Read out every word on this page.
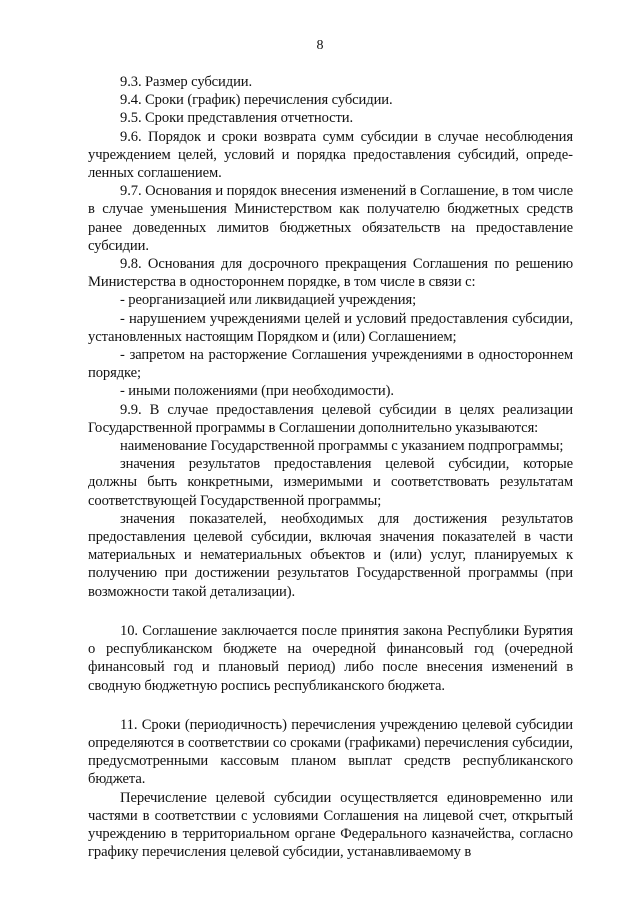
8

9.3. Размер субсидии.

9.4. Сроки (график) перечисления субсидии.

9.5. Сроки представления отчетности.

9.6. Порядок и сроки возврата сумм субсидии в случае несоблюдения учреждением целей, условий и порядка предоставления субсидий, определенных соглашением.

9.7. Основания и порядок внесения изменений в Соглашение, в том числе в случае уменьшения Министерством как получателю бюджетных средств ранее доведенных лимитов бюджетных обязательств на предоставление субсидии.

9.8. Основания для досрочного прекращения Соглашения по решению Министерства в одностороннем порядке, в том числе в связи с:

- реорганизацией или ликвидацией учреждения;

- нарушением учреждениями целей и условий предоставления субсидии, установленных настоящим Порядком и (или) Соглашением;

- запретом на расторжение Соглашения учреждениями в одностороннем порядке;

- иными положениями (при необходимости).

9.9. В случае предоставления целевой субсидии в целях реализации Государственной программы в Соглашении дополнительно указываются:

наименование Государственной программы с указанием подпрограммы;

значения результатов предоставления целевой субсидии, которые должны быть конкретными, измеримыми и соответствовать результатам соответствующей Государственной программы;

значения показателей, необходимых для достижения результатов предоставления целевой субсидии, включая значения показателей в части материальных и нематериальных объектов и (или) услуг, планируемых к получению при достижении результатов Государственной программы (при возможности такой детализации).

10. Соглашение заключается после принятия закона Республики Бурятия о республиканском бюджете на очередной финансовый год (очередной финансовый год и плановый период) либо после внесения изменений в сводную бюджетную роспись республиканского бюджета.

11. Сроки (периодичность) перечисления учреждению целевой субсидии определяются в соответствии со сроками (графиками) перечисления субсидии, предусмотренными кассовым планом выплат средств республиканского бюджета.

Перечисление целевой субсидии осуществляется единовременно или частями в соответствии с условиями Соглашения на лицевой счет, открытый учреждению в территориальном органе Федерального казначейства, согласно графику перечисления целевой субсидии, устанавливаемому в
